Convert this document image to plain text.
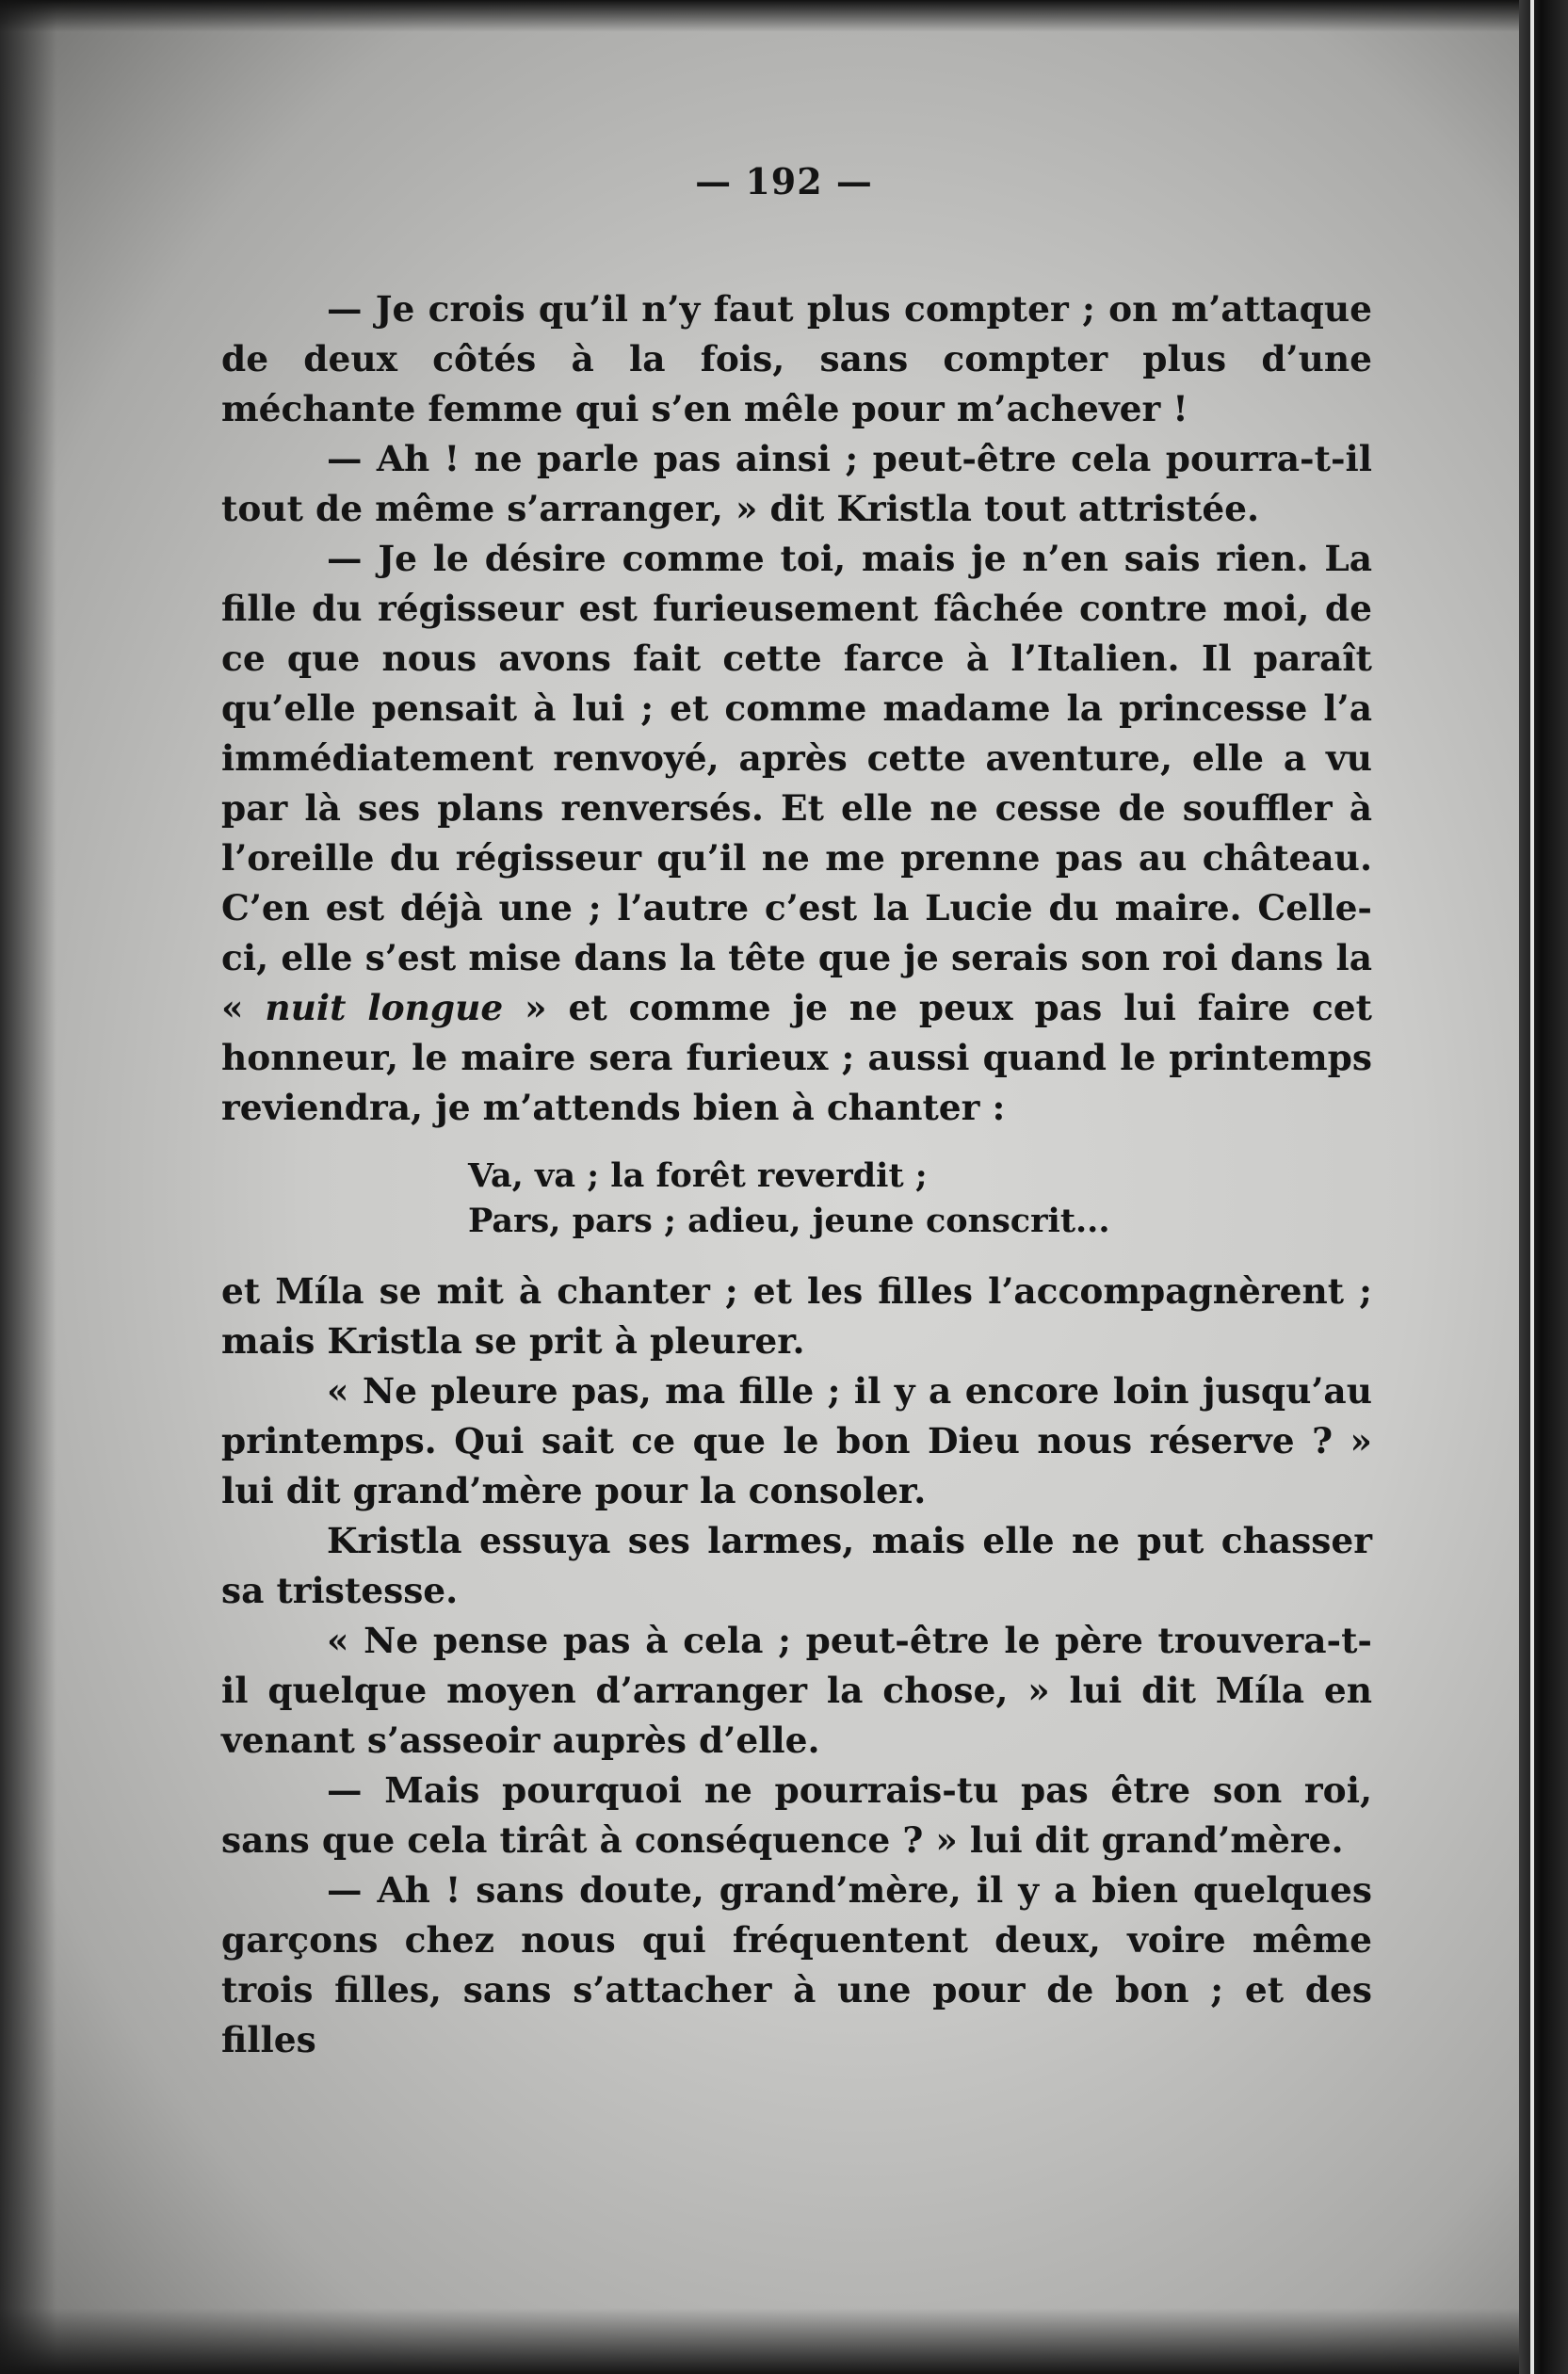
— 192 —

— Je crois qu’il n’y faut plus compter ; on m’attaque de deux côtés à la fois, sans compter plus d’une méchante femme qui s’en mêle pour m’achever !

— Ah ! ne parle pas ainsi ; peut-être cela pourra-t-il tout de même s’arranger, » dit Kristla tout attristée.

— Je le désire comme toi, mais je n’en sais rien. La fille du régisseur est furieusement fâchée contre moi, de ce que nous avons fait cette farce à l’Italien. Il paraît qu’elle pensait à lui ; et comme madame la princesse l’a immédiatement renvoyé, après cette aventure, elle a vu par là ses plans renversés. Et elle ne cesse de souffler à l’oreille du régisseur qu’il ne me prenne pas au château. C’en est déjà une ; l’autre c’est la Lucie du maire. Celle-ci, elle s’est mise dans la tête que je serais son roi dans la « nuit longue » et comme je ne peux pas lui faire cet honneur, le maire sera furieux ; aussi quand le printemps reviendra, je m’attends bien à chanter :

Va, va ; la forêt reverdit ;
Pars, pars ; adieu, jeune conscrit...

et Míla se mit à chanter ; et les filles l’accompagnèrent ; mais Kristla se prit à pleurer.

« Ne pleure pas, ma fille ; il y a encore loin jusqu’au printemps. Qui sait ce que le bon Dieu nous réserve ? » lui dit grand’mère pour la consoler.

Kristla essuya ses larmes, mais elle ne put chasser sa tristesse.

« Ne pense pas à cela ; peut-être le père trouvera-t-il quelque moyen d’arranger la chose, » lui dit Míla en venant s’asseoir auprès d’elle.

— Mais pourquoi ne pourrais-tu pas être son roi, sans que cela tirât à conséquence ? » lui dit grand’mère.

— Ah ! sans doute, grand’mère, il y a bien quelques garçons chez nous qui fréquentent deux, voire même trois filles, sans s’attacher à une pour de bon ; et des filles
